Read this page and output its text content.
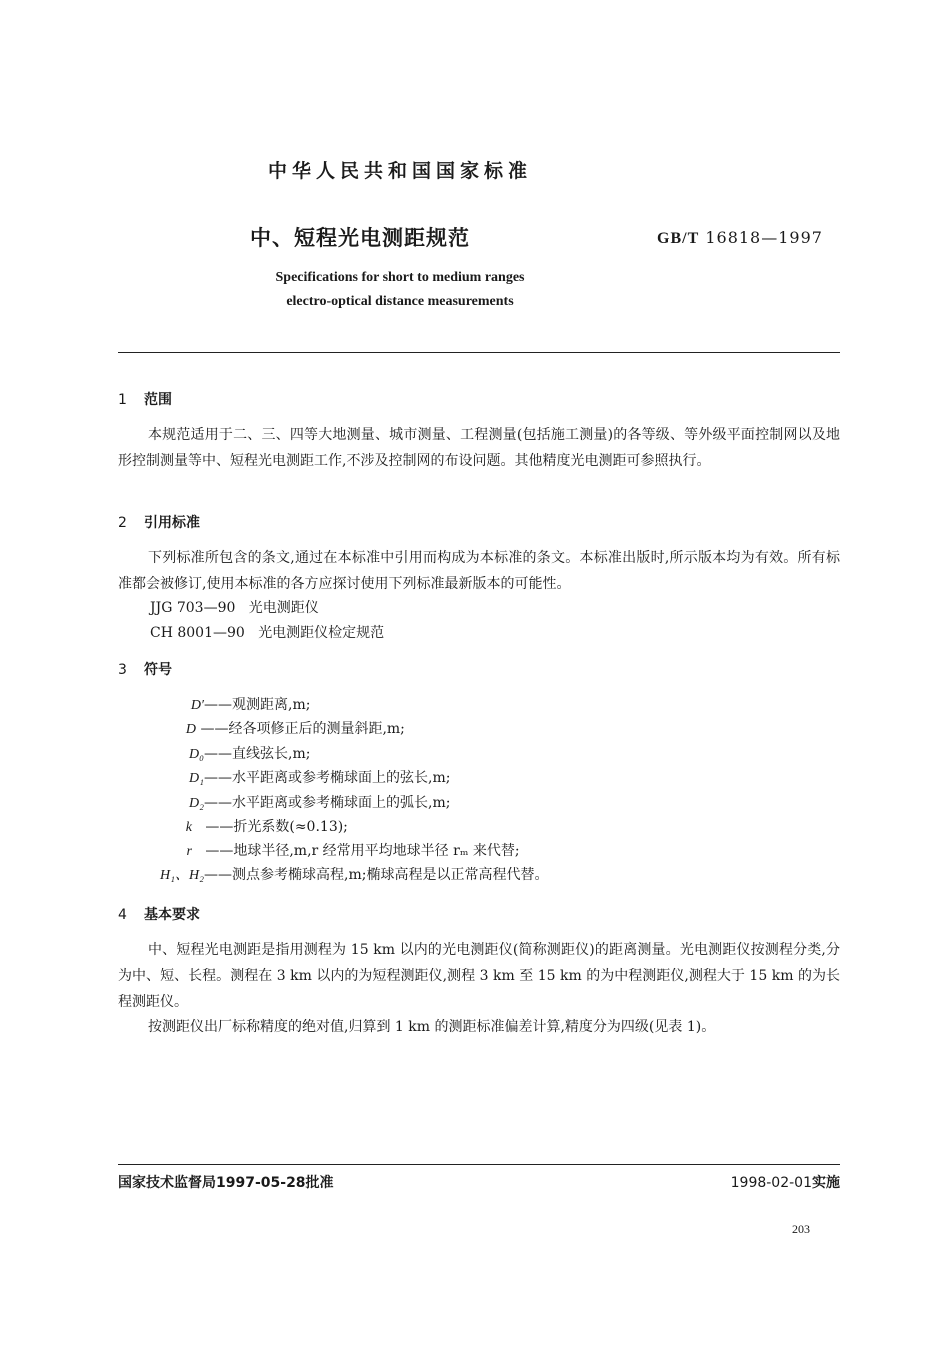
中华人民共和国国家标准
中、短程光电测距规范	GB/T 16818—1997
Specifications for short to medium ranges
electro-optical distance measurements
1 范围
本规范适用于二、三、四等大地测量、城市测量、工程测量(包括施工测量)的各等级、等外级平面控制网以及地形控制测量等中、短程光电测距工作,不涉及控制网的布设问题。其他精度光电测距可参照执行。
2 引用标准
下列标准所包含的条文,通过在本标准中引用而构成为本标准的条文。本标准出版时,所示版本均为有效。所有标准都会被修订,使用本标准的各方应探讨使用下列标准最新版本的可能性。
JJG 703—90 光电测距仪
CH 8001—90 光电测距仪检定规范
3 符号
D′——观测距离,m;
D ——经各项修正后的测量斜距,m;
D₀——直线弦长,m;
D₁——水平距离或参考椭球面上的弦长,m;
D₂——水平距离或参考椭球面上的弧长,m;
k ——折光系数(≈0.13);
r ——地球半径,m,r 经常用平均地球半径 rₘ 来代替;
H₁、H₂——测点参考椭球高程,m;椭球高程是以正常高程代替。
4 基本要求
中、短程光电测距是指用测程为 15 km 以内的光电测距仪(简称测距仪)的距离测量。光电测距仪按测程分类,分为中、短、长程。测程在 3 km 以内的为短程测距仪,测程 3 km 至 15 km 的为中程测距仪,测程大于 15 km 的为长程测距仪。
按测距仪出厂标称精度的绝对值,归算到 1 km 的测距标准偏差计算,精度分为四级(见表 1)。
国家技术监督局1997-05-28批准	1998-02-01实施
203
